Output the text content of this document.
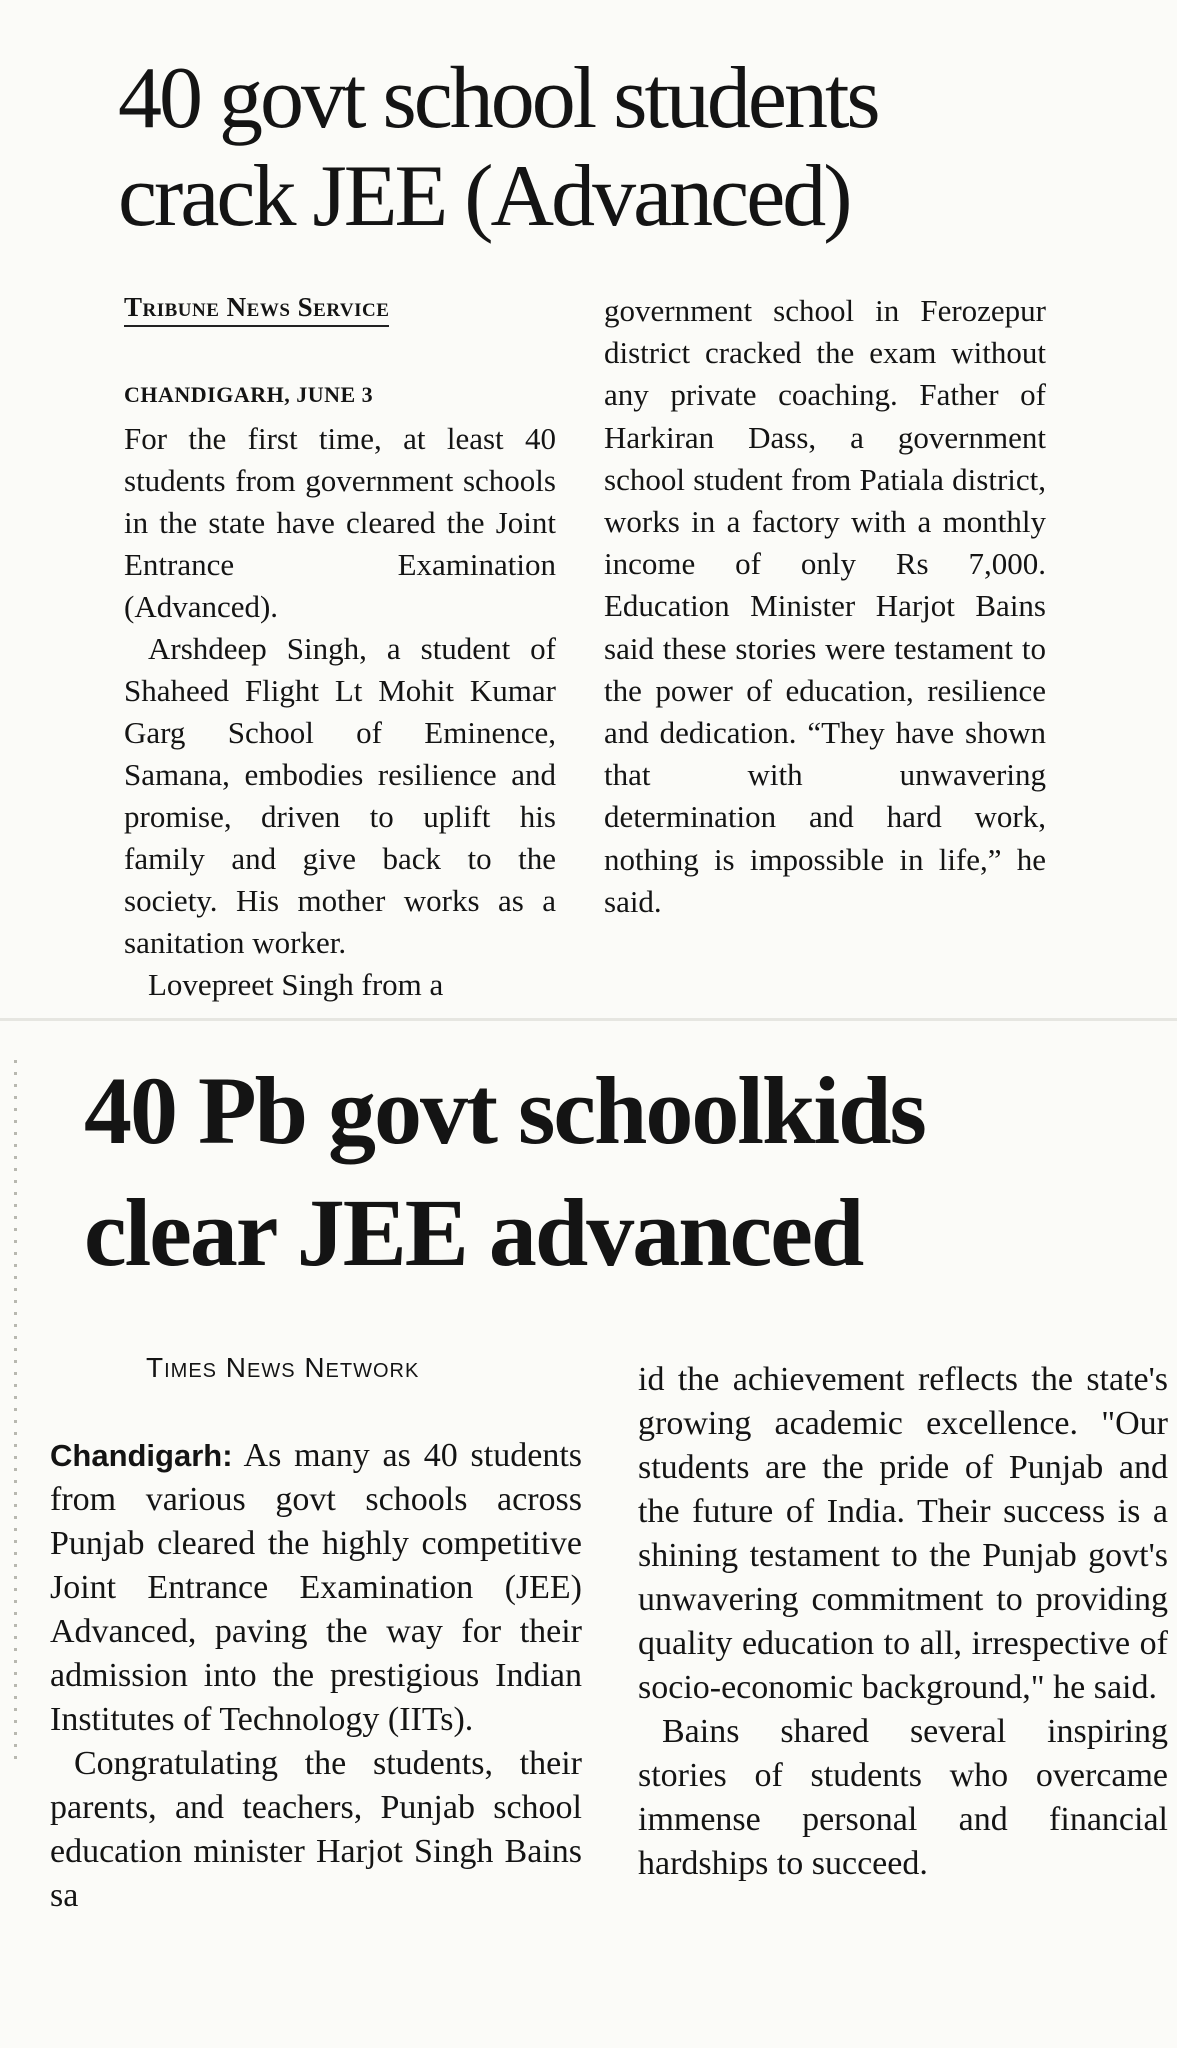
40 govt school students
crack JEE (Advanced)
Tribune News Service
CHANDIGARH, JUNE 3

For the first time, at least 40 students from government schools in the state have cleared the Joint Entrance Examination (Advanced).

Arshdeep Singh, a student of Shaheed Flight Lt Mohit Kumar Garg School of Eminence, Samana, embodies resilience and promise, driven to uplift his family and give back to the society. His mother works as a sanitation worker.

Lovepreet Singh from a

government school in Ferozepur district cracked the exam without any private coaching. Father of Harkiran Dass, a government school student from Patiala district, works in a factory with a monthly income of only Rs 7,000. Education Minister Harjot Bains said these stories were testament to the power of education, resilience and dedication. “They have shown that with unwavering determination and hard work, nothing is impossible in life,” he said.

40 Pb govt schoolkids
clear JEE advanced
Times News Network

Chandigarh: As many as 40 students from various govt schools across Punjab cleared the highly competitive Joint Entrance Examination (JEE) Advanced, paving the way for their admission into the prestigious Indian Institutes of Technology (IITs).

Congratulating the students, their parents, and teachers, Punjab school education minister Harjot Singh Bains sa

id the achievement reflects the state's growing academic excellence. "Our students are the pride of Punjab and the future of India. Their success is a shining testament to the Punjab govt's unwavering commitment to providing quality education to all, irrespective of socio-economic background," he said.

Bains shared several inspiring stories of students who overcame immense personal and financial hardships to succeed.
